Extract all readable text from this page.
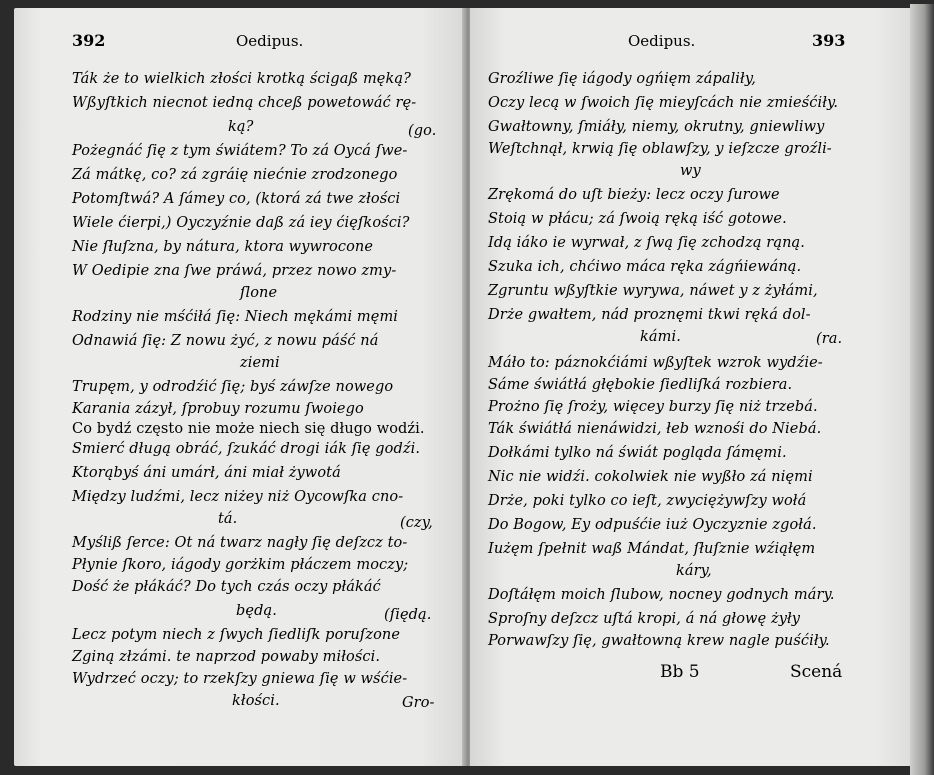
392	Oedipus.	Oedipus.	393
Ták że to wielkich złości krotką ścigaß męką?
Wßyſtkich niecnot iedną chceß powetowáć rę-
ką?	(go.
Pożegnáć ſię z tym świátem? To zá Oycá ſwe-
Zá mátkę, co? zá zgráię niećnie zrodzonego
Potomſtwá? A ſámey co, (ktorá zá twe złości
Wiele ćierpi,) Oyczyźnie daß zá iey ćięſkości?
Nie ſłuſzna, by nátura, ktora wywrocone
W Oedipie zna ſwe práwá, przez nowo zmy-
ſlone
Rodziny nie mśćiłá ſię: Niech mękámi męmi
Odnawiá ſię: Z nowu żyć, z nowu páść ná
ziemi
Trupęm, y odrodźić ſię; byś záwſze nowego
Karania zázył, ſprobuy rozumu ſwoiego
Co bydź często nie może niech się długo wodźi.
Smierć długą obráć, ſzukáć drogi iák ſię godźi.
Ktorąbyś áni umárł, áni miał żywotá
Między ludźmi, lecz niżey niż Oycowſka cno-
tá.	(czy,
Myśliß ſerce: Ot ná twarz nagły ſię deſzcz to-
Płynie ſkoro, iágody gorżkim płáczem moczy;
Dość że płákáć? Do tych czás oczy płákáć
będą.	(ſiędą.
Lecz potym niech z ſwych ſiedliſk poruſzone
Zginą złzámi. te naprzod powaby miłości.
Wydrzeć oczy; to rzekſzy gniewa ſię w wśćie-
kłości.	Gro-
Groźliwe ſię iágody ogńięm zápaliły,
Oczy lecą w ſwoich ſię mieyſcách nie zmieśćiły.
Gwałtowny, ſmiáły, niemy, okrutny, gniewliwy
Weſtchnął, krwią ſię oblawſzy, y ieſzcze groźli-
wy
Zrękomá do uſt bieży: lecz oczy ſurowe
Stoią w płácu; zá ſwoią ręką iść gotowe.
Idą iáko ie wyrwał, z ſwą ſię zchodzą rąną.
Szuka ich, chćiwo máca ręka zágńiewáną.
Zgruntu wßyſtkie wyrywa, náwet y z żyłámi,
Drże gwałtem, nád proznęmi tkwi ręká dol-
kámi.	(ra.
Máło to: páznokćiámi wßyſtek wzrok wydźie-
Sáme świátłá głębokie ſiedliſká rozbiera.
Prożno ſię ſroży, więcey burzy ſię niż trzebá.
Ták świátłá nienáwidzi, łeb wznośi do Niebá.
Dołkámi tylko ná świát pogląda ſámęmi.
Nic nie widźi. cokolwiek nie wyßło zá nięmi
Drże, poki tylko co ieſt, zwyciężywſzy wołá
Do Bogow, Ey odpuśćie iuż Oyczyznie zgołá.
Iużęm ſpełnit waß Mándat, ſłuſznie wźiąłęm
káry,
Doſtáłęm moich ſlubow, nocney godnych máry.
Sproſny deſzcz uſtá kropi, á ná głowę żyły
Porwawſzy ſię, gwałtowną krew nagle puśćiły.
Bb 5	Scená
